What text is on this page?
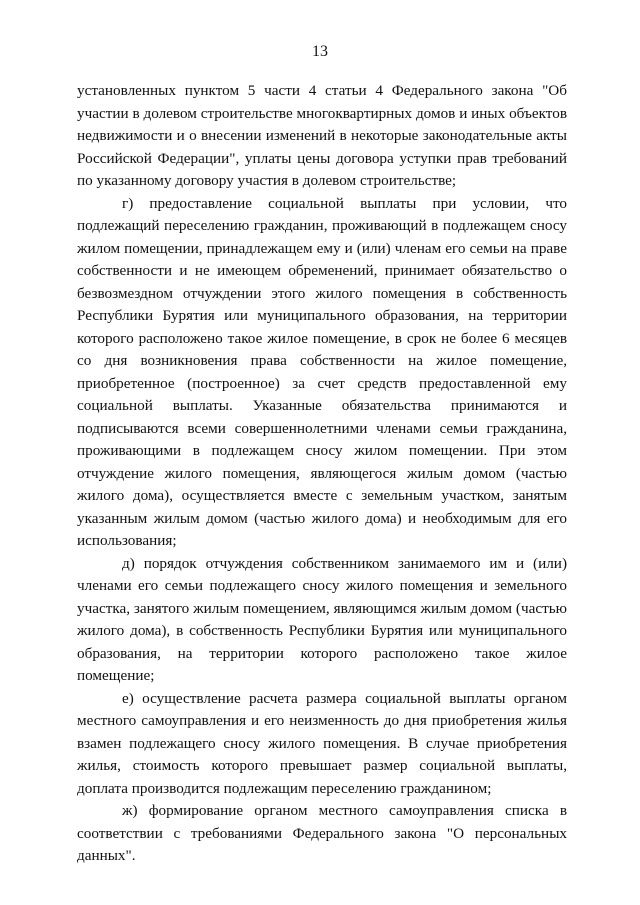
13

установленных пунктом 5 части 4 статьи 4 Федерального закона "Об участии в долевом строительстве многоквартирных домов и иных объектов недвижимости и о внесении изменений в некоторые законодательные акты Российской Федерации", уплаты цены договора уступки прав требований по указанному договору участия в долевом строительстве;

г) предоставление социальной выплаты при условии, что подлежащий переселению гражданин, проживающий в подлежащем сносу жилом помещении, принадлежащем ему и (или) членам его семьи на праве собственности и не имеющем обременений, принимает обязательство о безвозмездном отчуждении этого жилого помещения в собственность Республики Бурятия или муниципального образования, на территории которого расположено такое жилое помещение, в срок не более 6 месяцев со дня возникновения права собственности на жилое помещение, приобретенное (построенное) за счет средств предоставленной ему социальной выплаты. Указанные обязательства принимаются и подписываются всеми совершеннолетними членами семьи гражданина, проживающими в подлежащем сносу жилом помещении. При этом отчуждение жилого помещения, являющегося жилым домом (частью жилого дома), осуществляется вместе с земельным участком, занятым указанным жилым домом (частью жилого дома) и необходимым для его использования;

д) порядок отчуждения собственником занимаемого им и (или) членами его семьи подлежащего сносу жилого помещения и земельного участка, занятого жилым помещением, являющимся жилым домом (частью жилого дома), в собственность Республики Бурятия или муниципального образования, на территории которого расположено такое жилое помещение;

е) осуществление расчета размера социальной выплаты органом местного самоуправления и его неизменность до дня приобретения жилья взамен подлежащего сносу жилого помещения. В случае приобретения жилья, стоимость которого превышает размер социальной выплаты, доплата производится подлежащим переселению гражданином;

ж) формирование органом местного самоуправления списка в соответствии с требованиями Федерального закона "О персональных данных".
